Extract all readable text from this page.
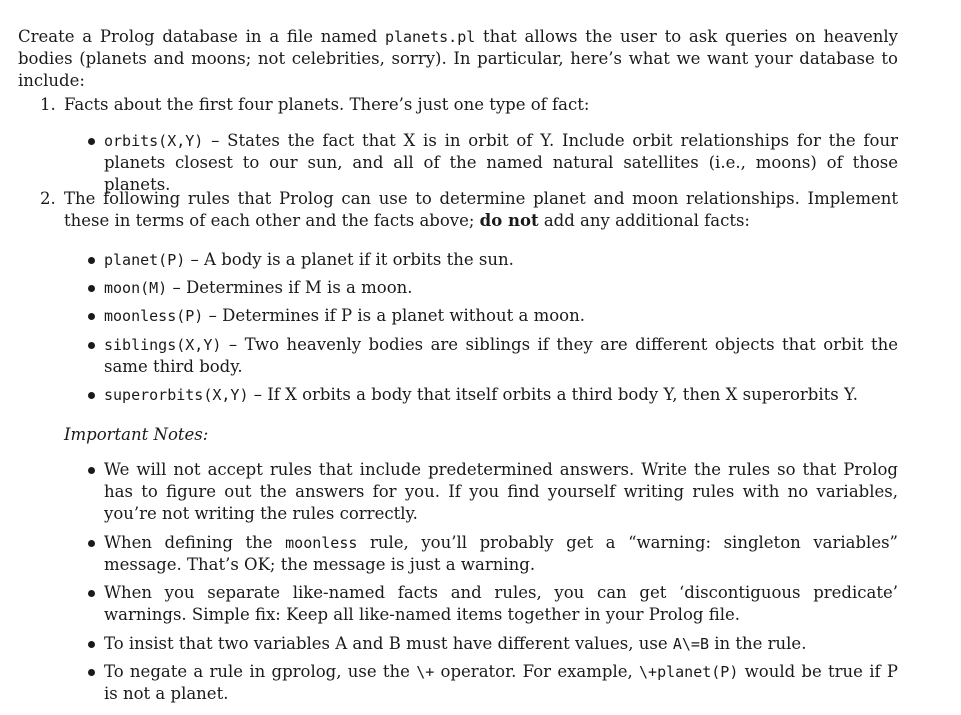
Create a Prolog database in a file named planets.pl that allows the user to ask queries on heavenly bodies (planets and moons; not celebrities, sorry). In particular, here’s what we want your database to include:
1. Facts about the first four planets. There’s just one type of fact:
orbits(X,Y) – States the fact that X is in orbit of Y. Include orbit relationships for the four planets closest to our sun, and all of the named natural satellites (i.e., moons) of those planets.
2. The following rules that Prolog can use to determine planet and moon relationships. Implement these in terms of each other and the facts above; do not add any additional facts:
planet(P) – A body is a planet if it orbits the sun.
moon(M) – Determines if M is a moon.
moonless(P) – Determines if P is a planet without a moon.
siblings(X,Y) – Two heavenly bodies are siblings if they are different objects that orbit the same third body.
superorbits(X,Y) – If X orbits a body that itself orbits a third body Y, then X superorbits Y.
Important Notes:
We will not accept rules that include predetermined answers. Write the rules so that Prolog has to figure out the answers for you. If you find yourself writing rules with no variables, you’re not writing the rules correctly.
When defining the moonless rule, you’ll probably get a “warning: singleton variables” message. That’s OK; the message is just a warning.
When you separate like-named facts and rules, you can get ‘discontiguous predicate’ warnings. Simple fix: Keep all like-named items together in your Prolog file.
To insist that two variables A and B must have different values, use A\=B in the rule.
To negate a rule in gprolog, use the \+ operator. For example, \+planet(P) would be true if P is not a planet.
